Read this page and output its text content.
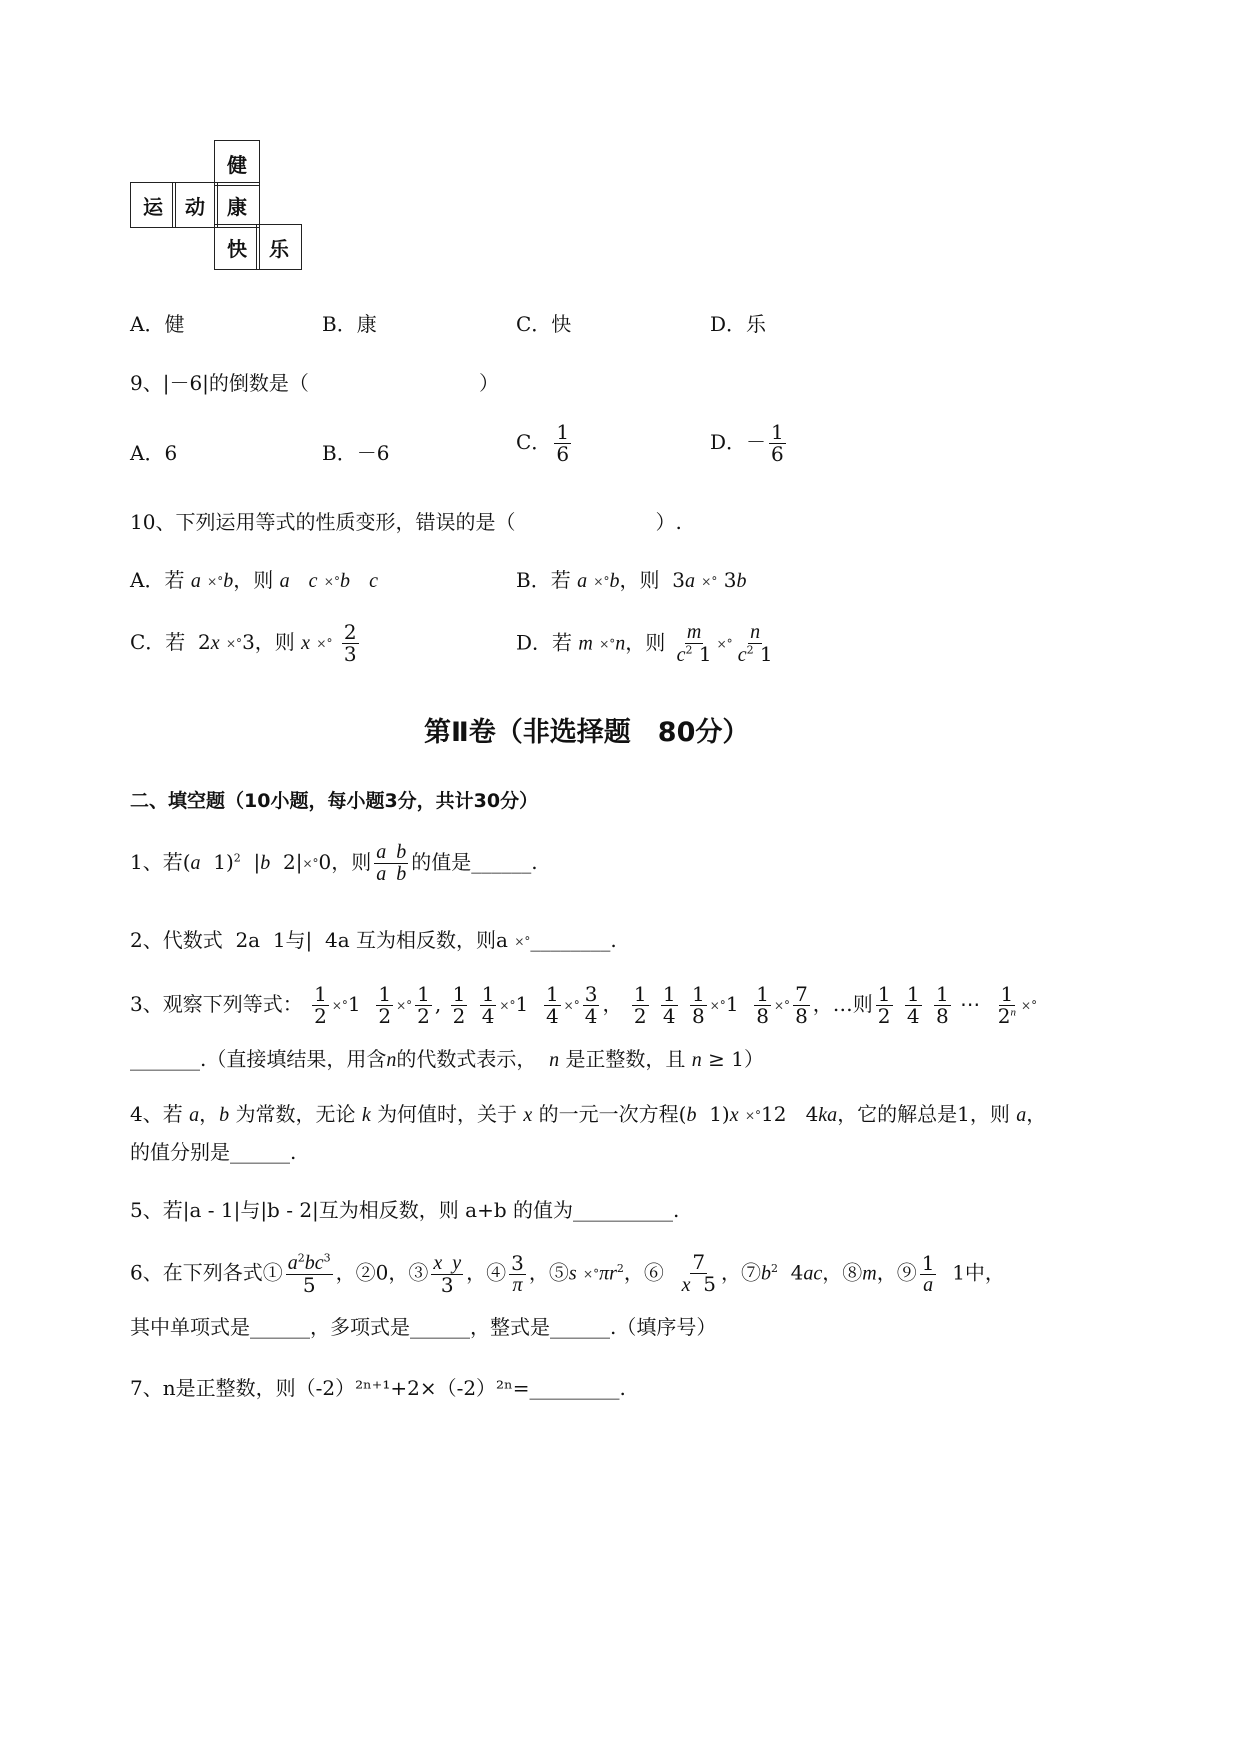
健
运	动	康
快	乐
A．健	B．康	C．快	D．乐
9、|－6|的倒数是（	）
A．6	B．－6	C． $\frac{1}{6}$	D．－ $\frac{1}{6}$
10、下列运用等式的性质变形，错误的是（	）.
A．若 a ×°b，则 a c ×°b c	B．若 a ×°b，则  3a ×° 3b
C．若  2x ×°3，则 x ×° $\frac{2}{3}$	D．若 m ×°n，则 $\frac{m}{c^2 1}$ ×° $\frac{n}{c^2 1}$
第Ⅱ卷（非选择题　80分）
二、填空题（10小题，每小题3分，共计30分）
1、若(a  1)$^2$  |b  2|×°0，则 $\frac{\text{a  b}}{\text{a  b}}$ 的值是______.
2、代数式  2a  1与|  4a 互为相反数，则a ×°________.
3、观察下列等式： $\frac{1}{2} \times^\circ 1 \frac{1}{2}$ ×° $\frac{1}{2}$ , $\frac{1}{2}$
$\frac{1}{4} \times^\circ 1 \frac{1}{4}$ ×° $\frac{3}{4}$ ， $\frac{1}{2}$
$\frac{1}{4}$
$\frac{1}{8} \times^\circ 1 \frac{1}{8}$ ×° $\frac{7}{8}$ ，…则 $\frac{1}{2}$
$\frac{1}{4}$
$\frac{1}{8}$ ⋯ $\frac{1}{2^n}$ ×°
_______.（直接填结果，用含n的代数式表示， n 是正整数，且 n ≥ 1）
4、若 a，b 为常数，无论 k 为何值时，关于 x 的一元一次方程(b  1)x ×°12   4ka，它的解总是1，则 a，
的值分别是______.
5、若|a - 1|与|b - 2|互为相反数，则 a+b 的值为__________.
6、在下列各式① $\frac{a^2bc^3}{5}$ ，②0，③ $\frac{\text{x  y}}{3}$ ，④ $\frac{3}{\pi}$ ，⑤s $\times^\circ\pi r^2$，⑥ $\frac{7}{x 5}$ ，$⑦b^2$  4ac，⑧m，⑨ $\frac{1}{a} 1$中，
其中单项式是______，多项式是______，整式是______.（填序号）
7、n是正整数，则（-2）²ⁿ⁺¹+2×（-2）²ⁿ=_________.
